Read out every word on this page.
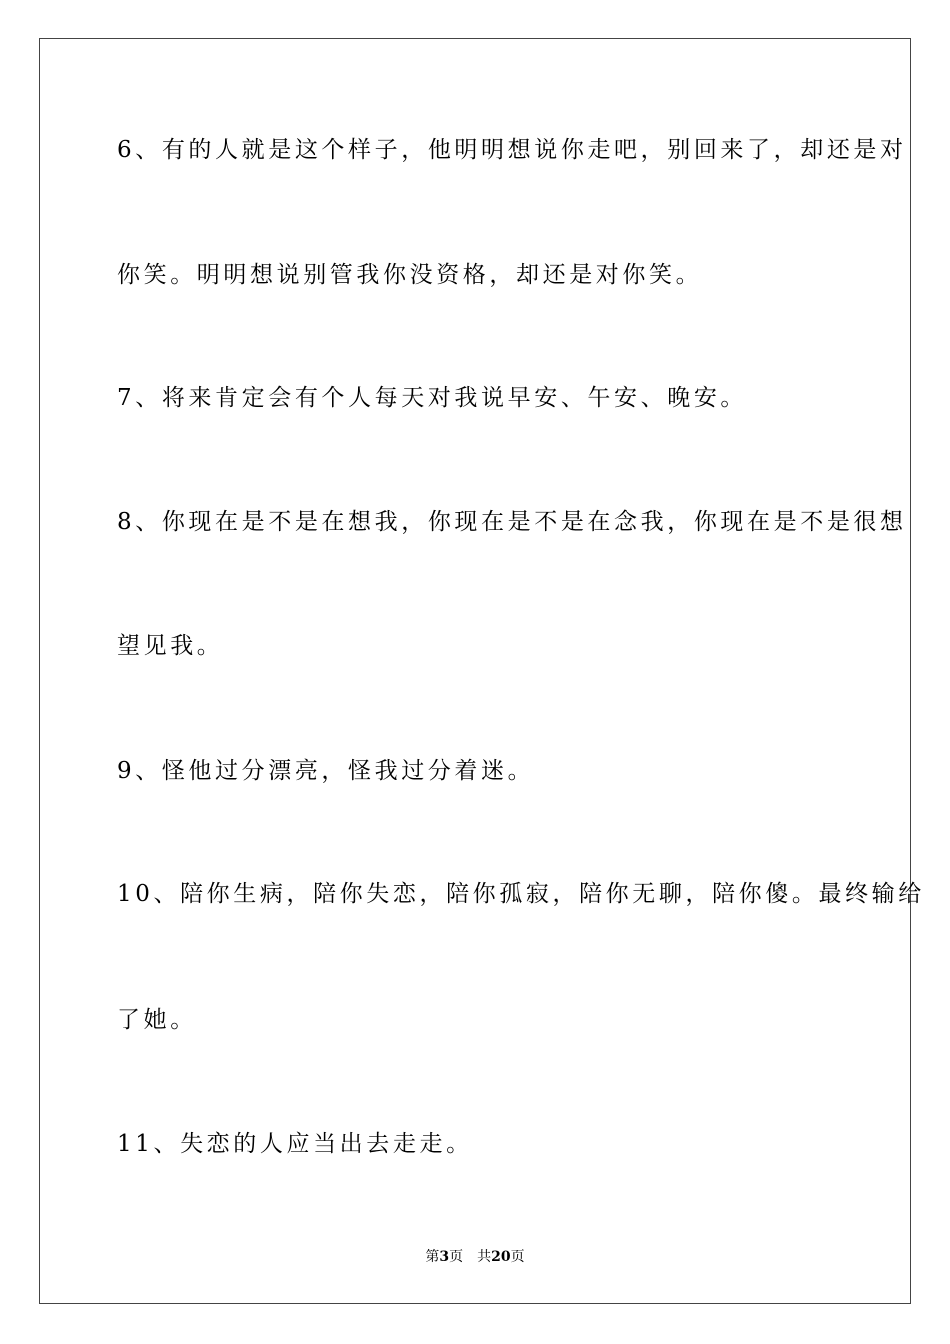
6、有的人就是这个样子，他明明想说你走吧，别回来了，却还是对
你笑。明明想说别管我你没资格，却还是对你笑。
7、将来肯定会有个人每天对我说早安、午安、晚安。
8、你现在是不是在想我，你现在是不是在念我，你现在是不是很想
望见我。
9、怪他过分漂亮，怪我过分着迷。
10、陪你生病，陪你失恋，陪你孤寂，陪你无聊，陪你傻。最终输给
了她。
11、失恋的人应当出去走走。
第3页 共20页
